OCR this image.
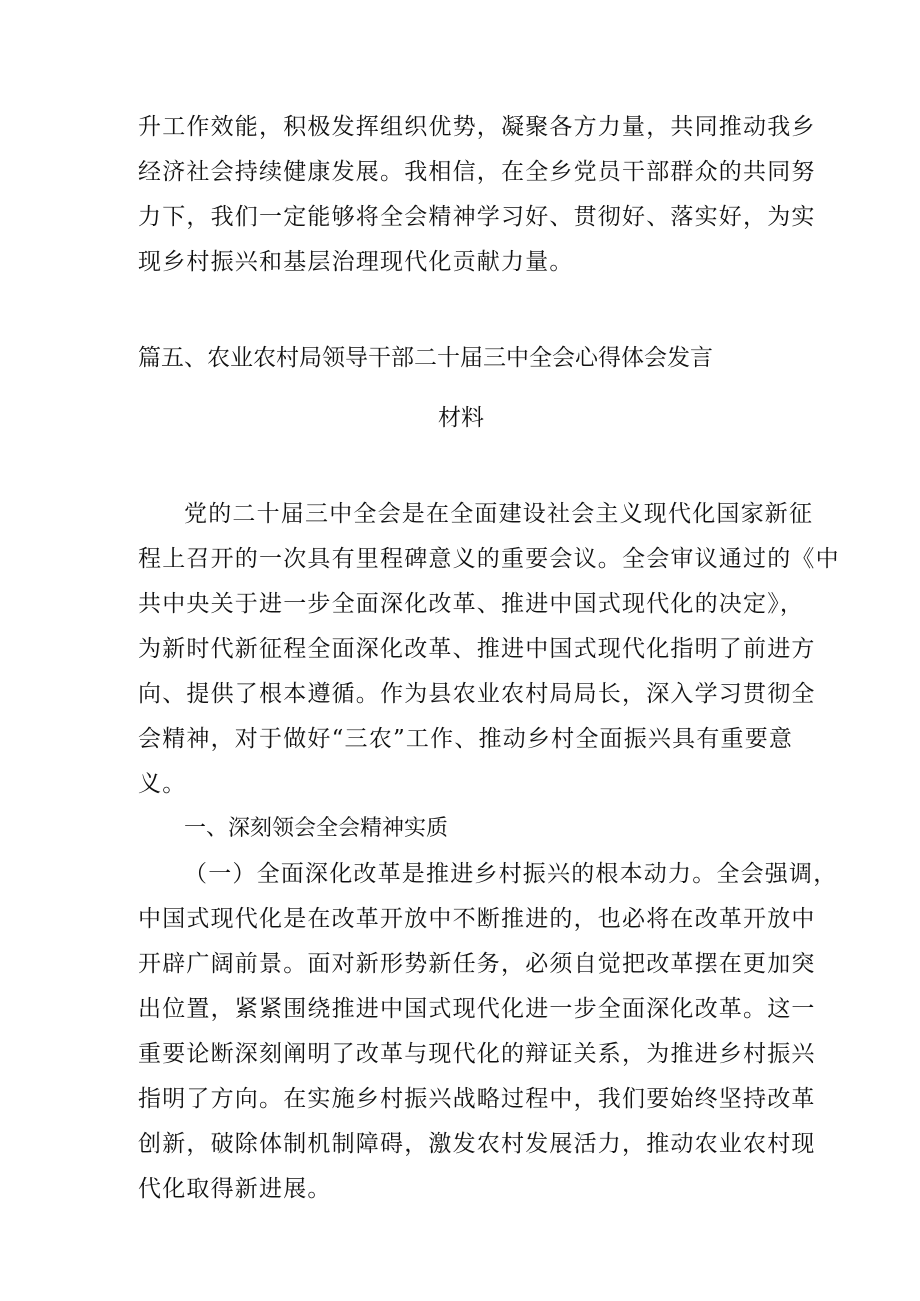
升工作效能，积极发挥组织优势，凝聚各方力量，共同推动我乡
经济社会持续健康发展。我相信，在全乡党员干部群众的共同努
力下，我们一定能够将全会精神学习好、贯彻好、落实好，为实
现乡村振兴和基层治理现代化贡献力量。
篇五、农业农村局领导干部二十届三中全会心得体会发言
材料
党的二十届三中全会是在全面建设社会主义现代化国家新征
程上召开的一次具有里程碑意义的重要会议。全会审议通过的《中
共中央关于进一步全面深化改革、推进中国式现代化的决定》，
为新时代新征程全面深化改革、推进中国式现代化指明了前进方
向、提供了根本遵循。作为县农业农村局局长，深入学习贯彻全
会精神，对于做好“三农”工作、推动乡村全面振兴具有重要意
义。
一、深刻领会全会精神实质
（一）全面深化改革是推进乡村振兴的根本动力。全会强调，
中国式现代化是在改革开放中不断推进的，也必将在改革开放中
开辟广阔前景。面对新形势新任务，必须自觉把改革摆在更加突
出位置，紧紧围绕推进中国式现代化进一步全面深化改革。这一
重要论断深刻阐明了改革与现代化的辩证关系，为推进乡村振兴
指明了方向。在实施乡村振兴战略过程中，我们要始终坚持改革
创新，破除体制机制障碍，激发农村发展活力，推动农业农村现
代化取得新进展。
